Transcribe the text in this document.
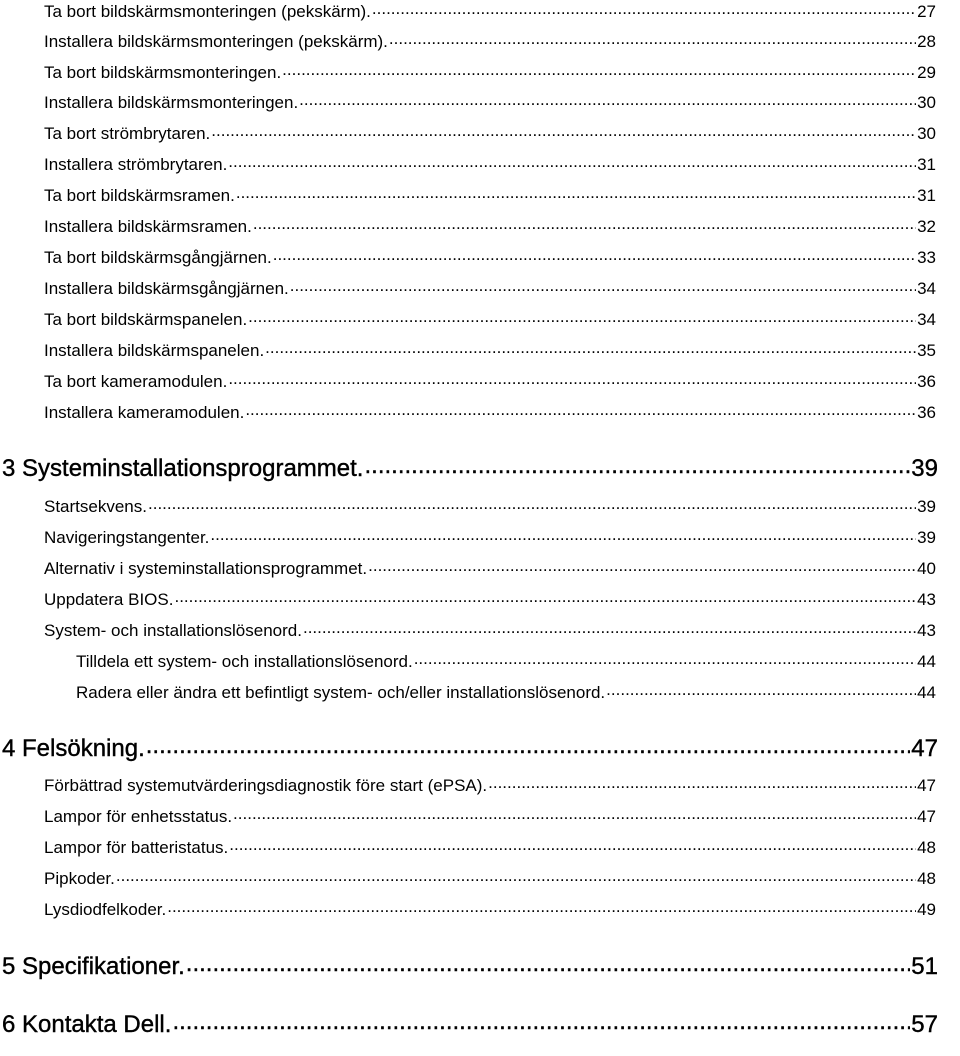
Ta bort bildskärmsmonteringen (pekskärm). .....	27
Installera bildskärmsmonteringen (pekskärm). .....	28
Ta bort bildskärmsmonteringen. .....	29
Installera bildskärmsmonteringen. .....	30
Ta bort strömbrytaren. .....	30
Installera strömbrytaren. .....	31
Ta bort bildskärmsramen. .....	31
Installera bildskärmsramen. .....	32
Ta bort bildskärmsgångjärnen. .....	33
Installera bildskärmsgångjärnen. .....	34
Ta bort bildskärmspanelen. .....	34
Installera bildskärmspanelen. .....	35
Ta bort kameramodulen. .....	36
Installera kameramodulen. .....	36
3 Systeminstallationsprogrammet. .....	39
Startsekvens. .....	39
Navigeringstangenter. .....	39
Alternativ i systeminstallationsprogrammet. .....	40
Uppdatera BIOS. .....	43
System- och installationslösenord. .....	43
Tilldela ett system- och installationslösenord. .....	44
Radera eller ändra ett befintligt system- och/eller installationslösenord. .....	44
4 Felsökning. .....	47
Förbättrad systemutvärderingsdiagnostik före start (ePSA). .....	47
Lampor för enhetsstatus. .....	47
Lampor för batteristatus. .....	48
Pipkoder. .....	48
Lysdiodfelkoder. .....	49
5 Specifikationer. .....	51
6 Kontakta Dell. .....	57
